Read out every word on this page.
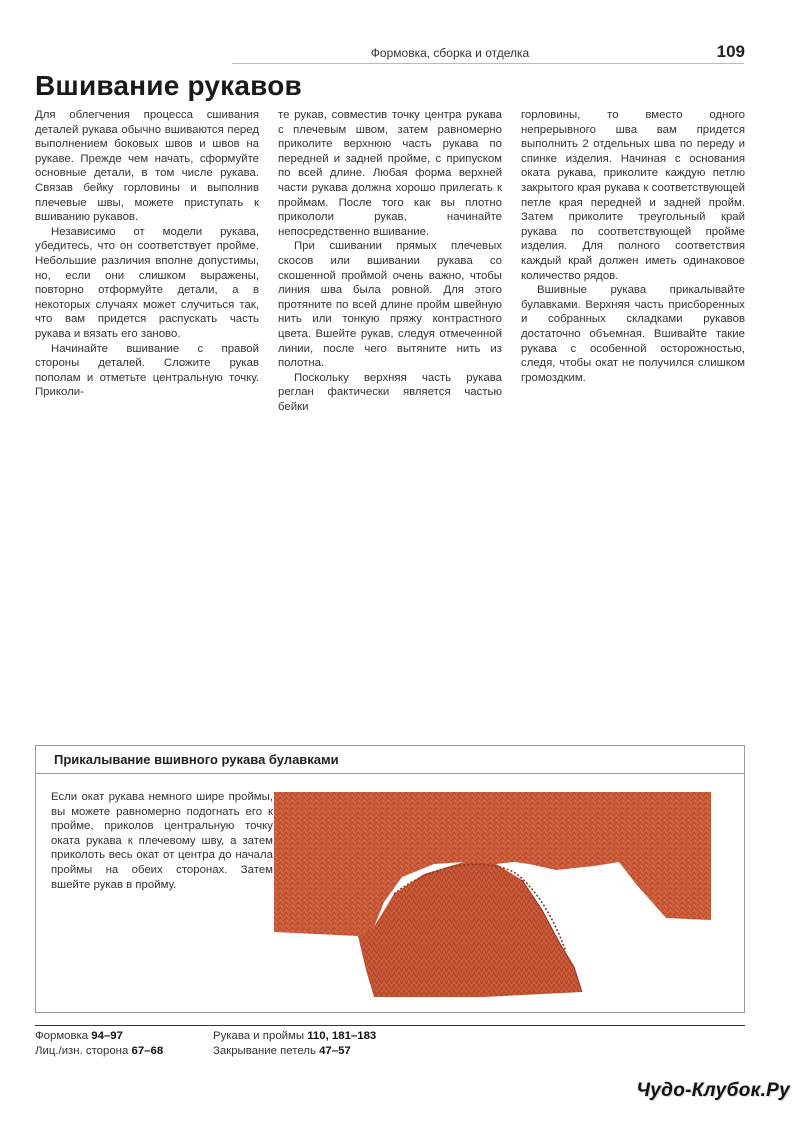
Формовка, сборка и отделка	109
Вшивание рукавов

Для облегчения процесса сшивания деталей рукава обычно вшиваются перед выполнением боковых швов и швов на рукаве. Прежде чем начать, сформуйте основные детали, в том числе рукава. Связав бейку горловины и выполнив плечевые швы, можете приступать к вшиванию рукавов.

Независимо от модели рукава, убедитесь, что он соответствует пройме. Небольшие различия вполне допустимы, но, если они слишком выражены, повторно отформуйте детали, а в некоторых случаях может случиться так, что вам придется распускать часть рукава и вязать его заново.

Начинайте вшивание с правой стороны деталей. Сложите рукав пополам и отметьте центральную точку. Приколи-

те рукав, совместив точку центра рукава с плечевым швом, затем равномерно приколите верхнюю часть рукава по передней и задней пройме, с припуском по всей длине. Любая форма верхней части рукава должна хорошо прилегать к проймам. После того как вы плотно прикололи рукав, начинайте непосредственно вшивание.

При сшивании прямых плечевых скосов или вшивании рукава со скошенной проймой очень важно, чтобы линия шва была ровной. Для этого протяните по всей длине пройм швейную нить или тонкую пряжу контрастного цвета. Вшейте рукав, следуя отмеченной линии, после чего вытяните нить из полотна.

Поскольку верхняя часть рукава реглан фактически является частью бейки

горловины, то вместо одного непрерывного шва вам придется выполнить 2 отдельных шва по переду и спинке изделия. Начиная с основания оката рукава, приколите каждую петлю закрытого края рукава к соответствующей петле края передней и задней пройм. Затем приколите треугольный край рукава по соответствующей пройме изделия. Для полного соответствия каждый край должен иметь одинаковое количество рядов.

Вшивные рукава прикалывайте булавками. Верхняя часть присборенных и собранных складками рукавов достаточно объемная. Вшивайте такие рукава с особенной осторожностью, следя, чтобы окат не получился слишком громоздким.

Прикалывание вшивного рукава булавками

Если окат рукава немного шире проймы, вы можете равномерно подогнать его к пройме, приколов центральную точку оката рукава к плечевому шву, а затем приколоть весь окат от центра до начала проймы на обеих сторонах. Затем вшейте рукав в пройму.

Формовка 94–97
Лиц./изн. сторона 67–68
Рукава и проймы 110, 181–183
Закрывание петель 47–57
Чудо-Клубок.Ру
